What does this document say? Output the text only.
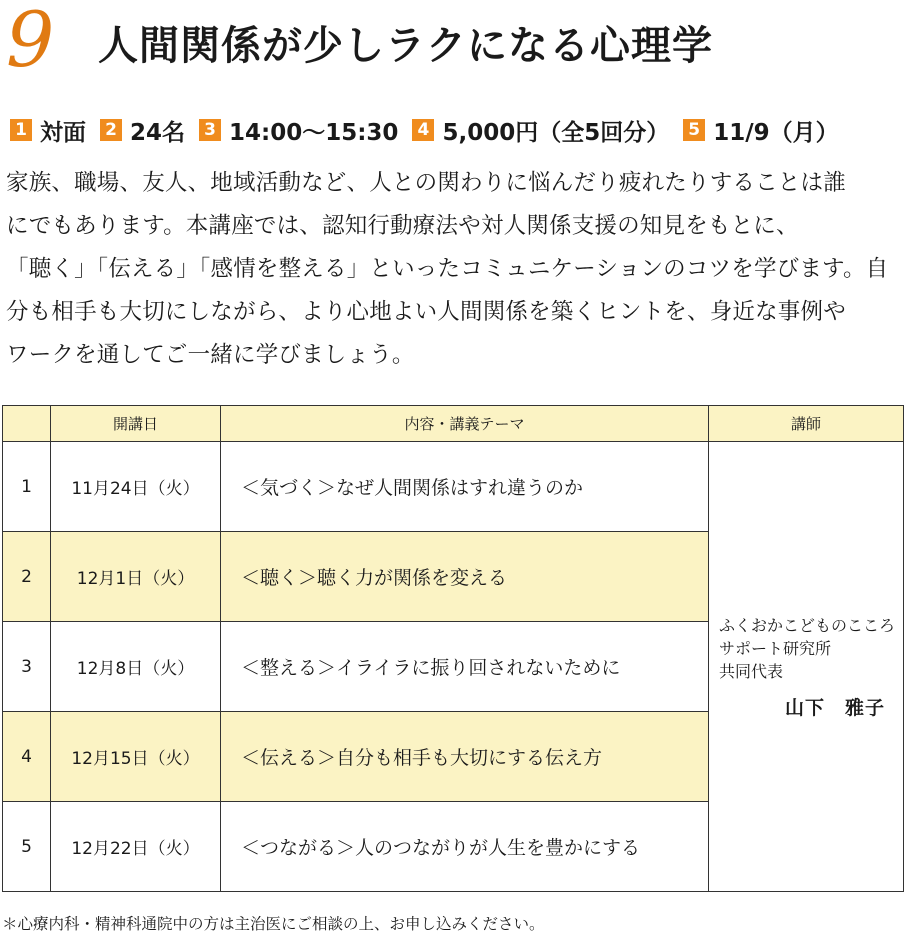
9	人間関係が少しラクになる心理学
1 対面 2 24名 3 14:00〜15:30 4 5,000円（全5回分） 5 11/9（月）

家族、職場、友人、地域活動など、人との関わりに悩んだり疲れたりすることは誰
にでもあります。本講座では、認知行動療法や対人関係支援の知見をもとに、
「聴く」「伝える」「感情を整える」といったコミュニケーションのコツを学びます。自
分も相手も大切にしながら、より心地よい人間関係を築くヒントを、身近な事例や
ワークを通してご一緒に学びましょう。

	開講日	内容・講義テーマ	講師
1	11月24日（火）	＜気づく＞なぜ人間関係はすれ違うのか	ふくおかこどものこころ
サポート研究所
共同代表
山下　雅子

2	12月1日（火）	＜聴く＞聴く力が関係を変える	
3	12月8日（火）	＜整える＞イライラに振り回されないために	
4	12月15日（火）	＜伝える＞自分も相手も大切にする伝え方	
5	12月22日（火）	＜つながる＞人のつながりが人生を豊かにする	
＊心療内科・精神科通院中の方は主治医にご相談の上、お申し込みください。
